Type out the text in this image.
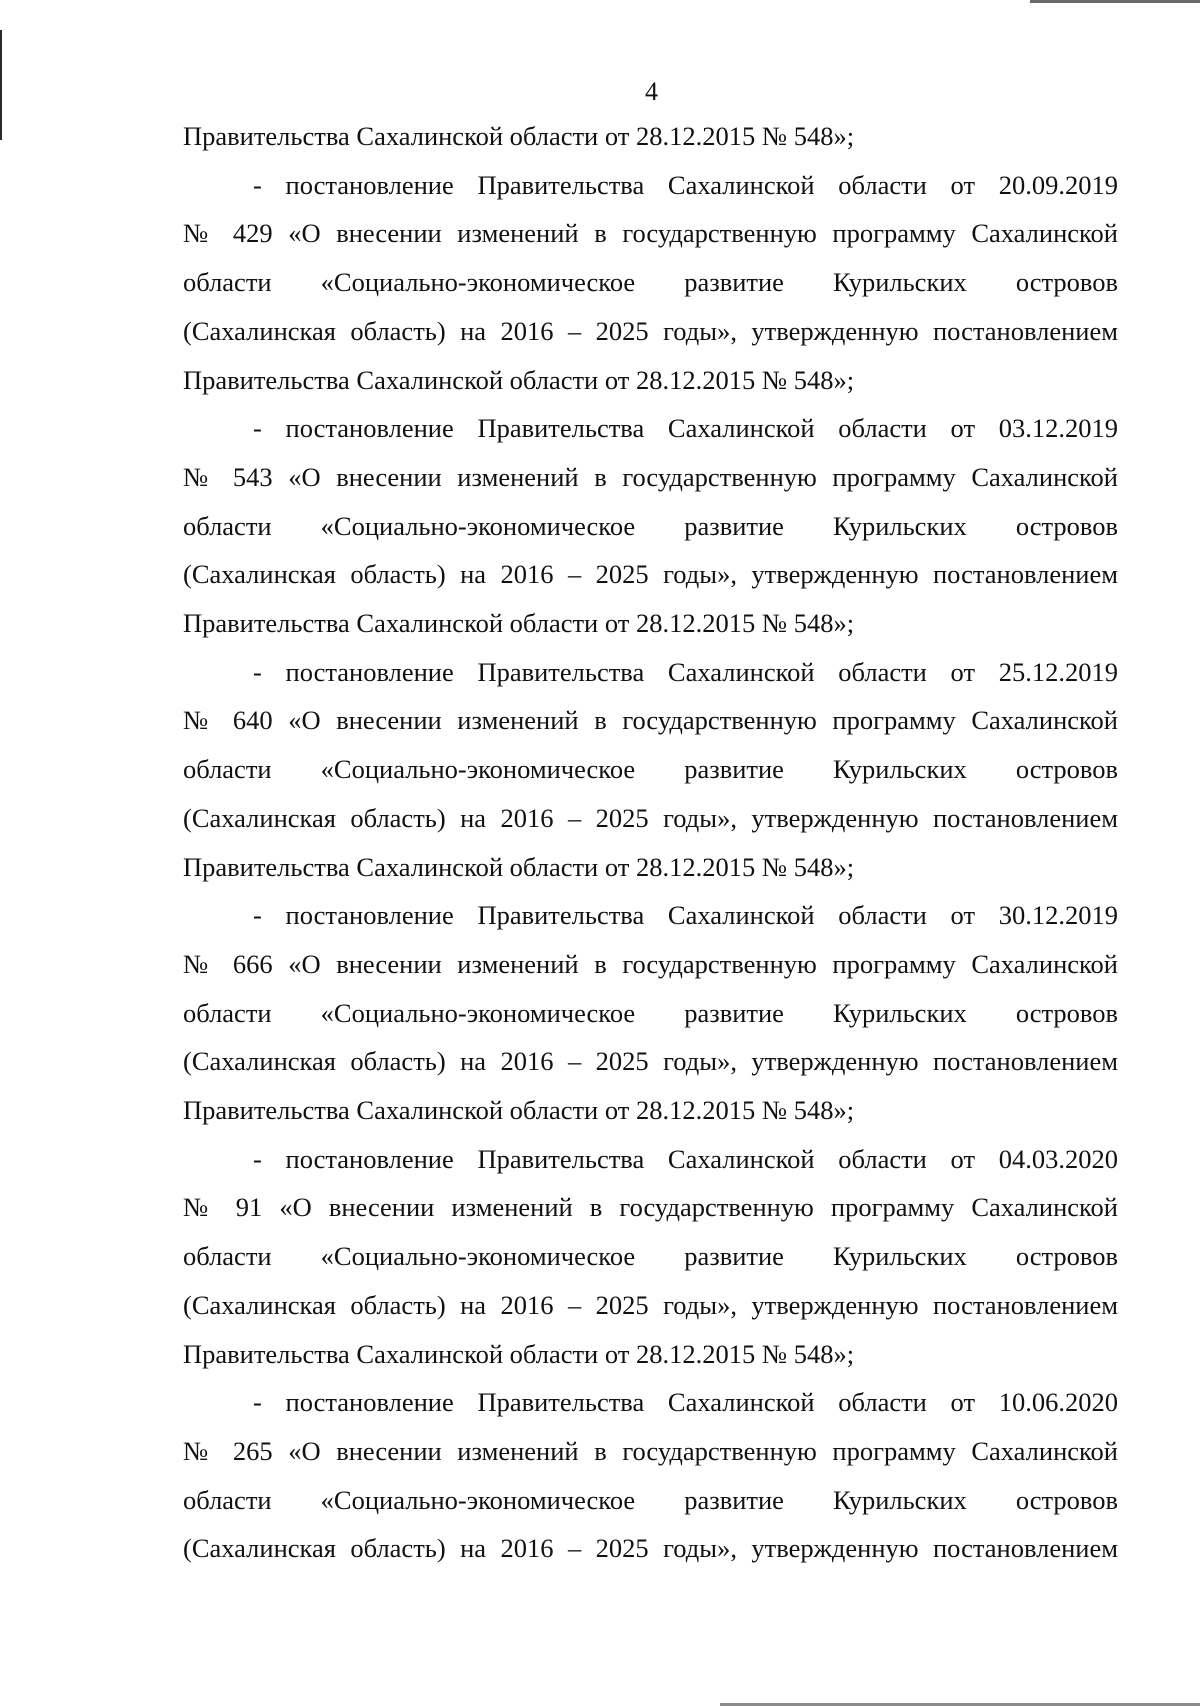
4
Правительства Сахалинской области от 28.12.2015 № 548»;
- постановление Правительства Сахалинской области от 20.09.2019
№ 429 «О внесении изменений в государственную программу Сахалинской
области «Социально-экономическое развитие Курильских островов
(Сахалинская область) на 2016 – 2025 годы», утвержденную постановлением
Правительства Сахалинской области от 28.12.2015 № 548»;
- постановление Правительства Сахалинской области от 03.12.2019
№ 543 «О внесении изменений в государственную программу Сахалинской
области «Социально-экономическое развитие Курильских островов
(Сахалинская область) на 2016 – 2025 годы», утвержденную постановлением
Правительства Сахалинской области от 28.12.2015 № 548»;
- постановление Правительства Сахалинской области от 25.12.2019
№ 640 «О внесении изменений в государственную программу Сахалинской
области «Социально-экономическое развитие Курильских островов
(Сахалинская область) на 2016 – 2025 годы», утвержденную постановлением
Правительства Сахалинской области от 28.12.2015 № 548»;
- постановление Правительства Сахалинской области от 30.12.2019
№ 666 «О внесении изменений в государственную программу Сахалинской
области «Социально-экономическое развитие Курильских островов
(Сахалинская область) на 2016 – 2025 годы», утвержденную постановлением
Правительства Сахалинской области от 28.12.2015 № 548»;
- постановление Правительства Сахалинской области от 04.03.2020
№ 91 «О внесении изменений в государственную программу Сахалинской
области «Социально-экономическое развитие Курильских островов
(Сахалинская область) на 2016 – 2025 годы», утвержденную постановлением
Правительства Сахалинской области от 28.12.2015 № 548»;
- постановление Правительства Сахалинской области от 10.06.2020
№ 265 «О внесении изменений в государственную программу Сахалинской
области «Социально-экономическое развитие Курильских островов
(Сахалинская область) на 2016 – 2025 годы», утвержденную постановлением
